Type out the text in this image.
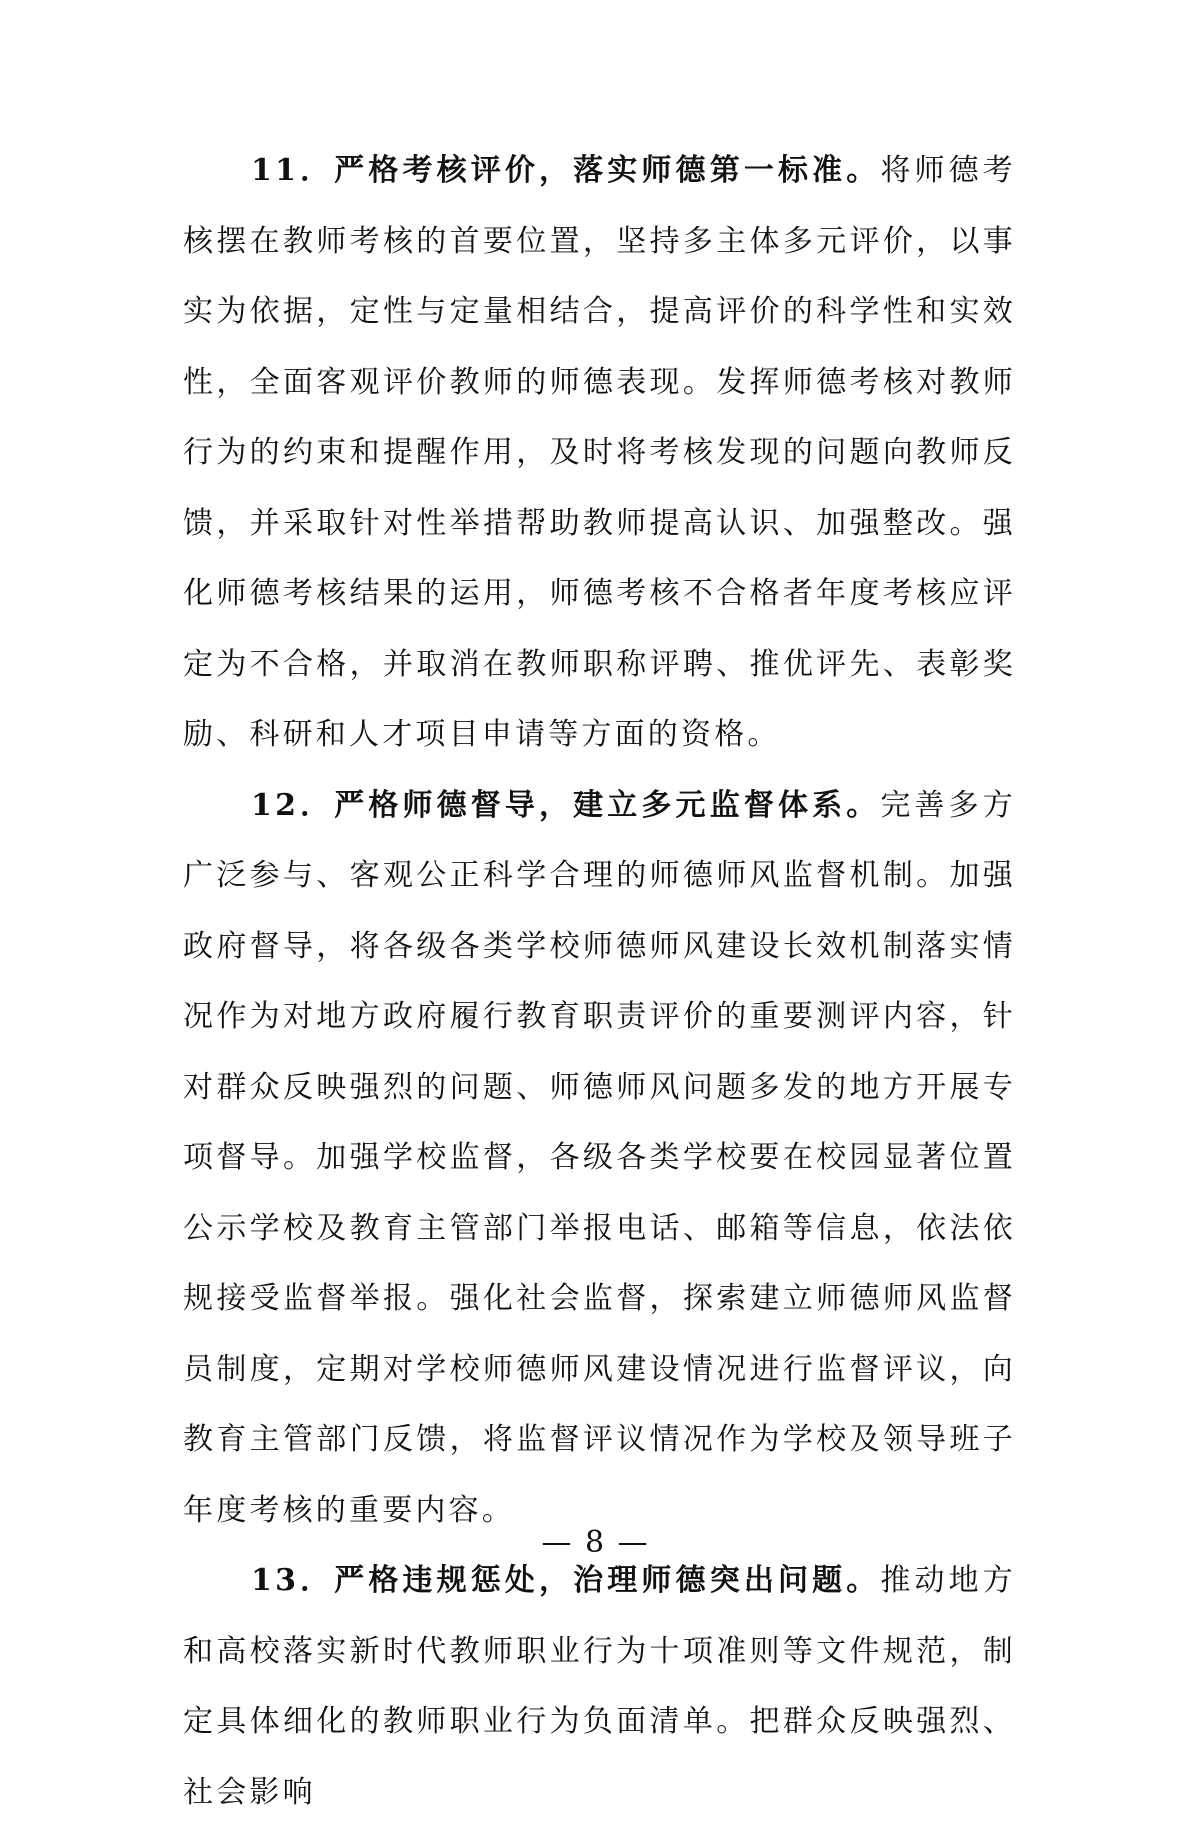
11．严格考核评价，落实师德第一标准。将师德考核摆在教师考核的首要位置，坚持多主体多元评价，以事实为依据，定性与定量相结合，提高评价的科学性和实效性，全面客观评价教师的师德表现。发挥师德考核对教师行为的约束和提醒作用，及时将考核发现的问题向教师反馈，并采取针对性举措帮助教师提高认识、加强整改。强化师德考核结果的运用，师德考核不合格者年度考核应评定为不合格，并取消在教师职称评聘、推优评先、表彰奖励、科研和人才项目申请等方面的资格。

12．严格师德督导，建立多元监督体系。完善多方广泛参与、客观公正科学合理的师德师风监督机制。加强政府督导，将各级各类学校师德师风建设长效机制落实情况作为对地方政府履行教育职责评价的重要测评内容，针对群众反映强烈的问题、师德师风问题多发的地方开展专项督导。加强学校监督，各级各类学校要在校园显著位置公示学校及教育主管部门举报电话、邮箱等信息，依法依规接受监督举报。强化社会监督，探索建立师德师风监督员制度，定期对学校师德师风建设情况进行监督评议，向教育主管部门反馈，将监督评议情况作为学校及领导班子年度考核的重要内容。

13．严格违规惩处，治理师德突出问题。推动地方和高校落实新时代教师职业行为十项准则等文件规范，制定具体细化的教师职业行为负面清单。把群众反映强烈、社会影响

— 8 —
